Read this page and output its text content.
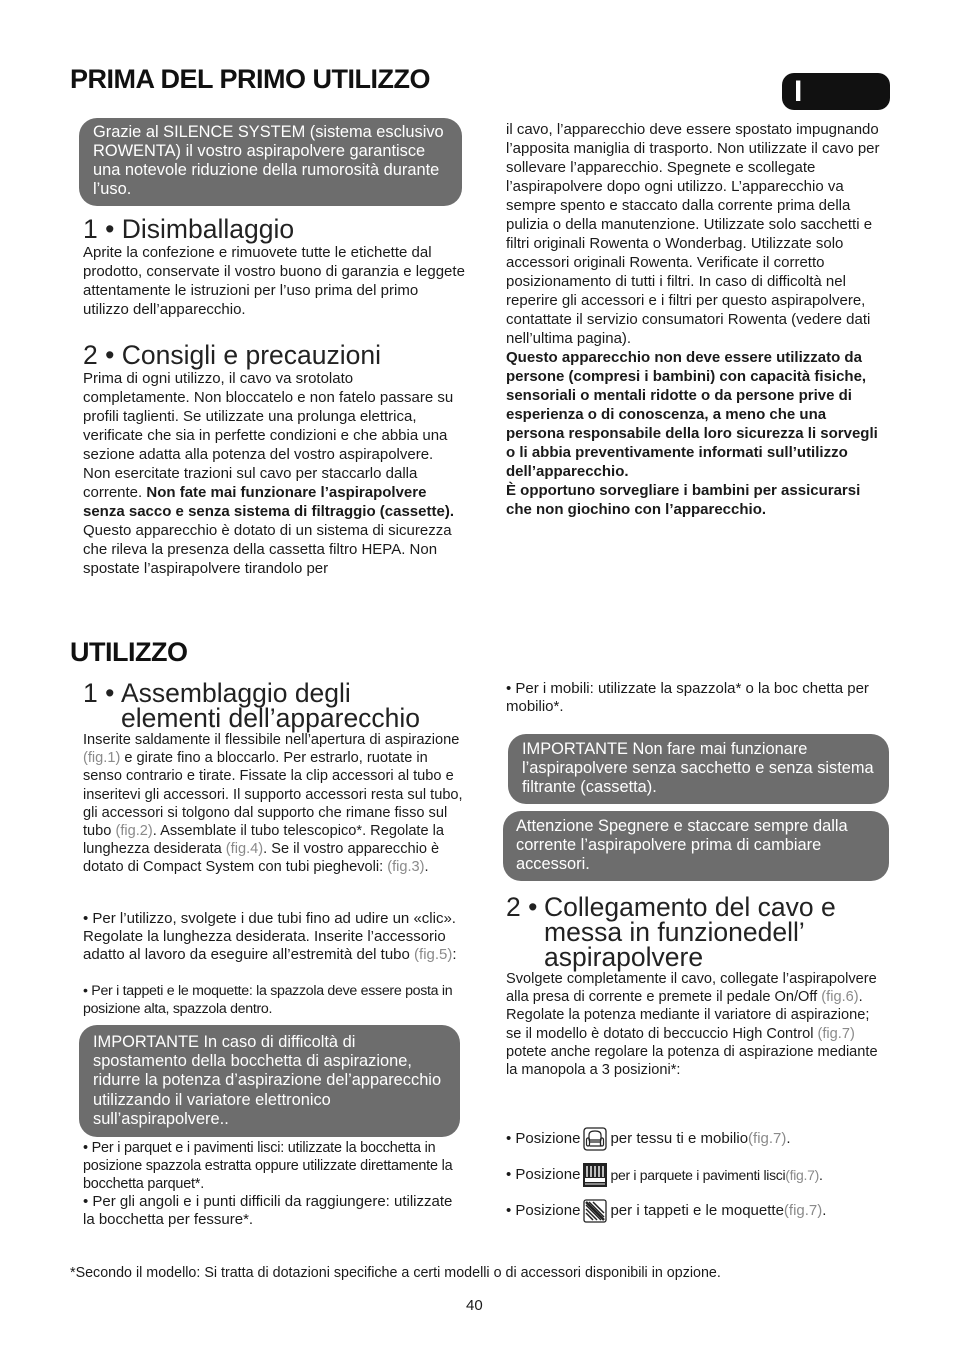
PRIMA DEL PRIMO UTILIZZO	I
Grazie al SILENCE SYSTEM (sistema esclusivo ROWENTA) il vostro aspirapolvere garantisce una notevole riduzione della rumorosità durante l’uso.
1 • Disimballaggio
Aprite la confezione e rimuovete tutte le etichette dal prodotto, conservate il vostro buono di garanzia e leggete attentamente le istruzioni per l’uso prima del primo utilizzo dell’apparecchio.
2 • Consigli e precauzioni
Prima di ogni utilizzo, il cavo va srotolato completamente. Non bloccatelo e non fatelo passare su profili taglienti. Se utilizzate una prolunga elettrica, verificate che sia in perfette condizioni e che abbia una sezione adatta alla potenza del vostro aspirapolvere. Non esercitate trazioni sul cavo per staccarlo dalla corrente. Non fate mai funzionare l’aspirapolvere senza sacco e senza sistema di filtraggio (cassette). Questo apparecchio è dotato di un sistema di sicurezza che rileva la presenza della cassetta filtro HEPA. Non spostate l’aspirapolvere tirandolo per
il cavo, l’apparecchio deve essere spostato impugnando l’apposita maniglia di trasporto. Non utilizzate il cavo per sollevare l’apparecchio. Spegnete e scollegate l’aspirapolvere dopo ogni utilizzo. L’apparecchio va sempre spento e staccato dalla corrente prima della pulizia o della manutenzione. Utilizzate solo sacchetti e filtri originali Rowenta o Wonderbag. Utilizzate solo accessori originali Rowenta. Verificate il corretto posizionamento di tutti i filtri. In caso di difficoltà nel reperire gli accessori e i filtri per questo aspirapolvere, contattate il servizio consumatori Rowenta (vedere dati nell’ultima pagina).
Questo apparecchio non deve essere utilizzato da persone (compresi i bambini) con capacità fisiche, sensoriali o mentali ridotte o da persone prive di esperienza o di conoscenza, a meno che una persona responsabile della loro sicurezza li sorvegli o li abbia preventivamente informati sull’utilizzo dell’apparecchio.
È opportuno sorvegliare i bambini per assicurarsi che non giochino con l’apparecchio.
UTILIZZO
1 • Assemblaggio degli
elementi dell’apparecchio
Inserite saldamente il flessibile nell’apertura di aspirazione (fig.1) e girate fino a bloccarlo. Per estrarlo, ruotate in senso contrario e tirate. Fissate la clip accessori al tubo e inseritevi gli accessori. Il supporto accessori resta sul tubo, gli accessori si tolgono dal supporto che rimane fisso sul tubo (fig.2). Assemblate il tubo telescopico*. Regolate la lunghezza desiderata (fig.4). Se il vostro apparecchio è dotato di Compact System con tubi pieghevoli: (fig.3).
• Per l’utilizzo, svolgete i due tubi fino ad udire un «clic». Regolate la lunghezza desiderata. Inserite l’accessorio adatto al lavoro da eseguire all’estremità del tubo (fig.5):
• Per i tappeti e le moquette: la spazzola deve essere posta in posizione alta, spazzola dentro.
IMPORTANTE In caso di difficoltà di spostamento della bocchetta di aspirazione, ridurre la potenza d’aspirazione del’apparecchio utilizzando il variatore elettronico sull’aspirapolvere..
• Per i parquet e i pavimenti lisci: utilizzate la bocchetta in posizione spazzola estratta oppure utilizzate direttamente la bocchetta parquet*.
• Per gli angoli e i punti difficili da raggiungere: utilizzate la bocchetta per fessure*.
• Per i mobili: utilizzate la spazzola* o la boc chetta per mobilio*.
IMPORTANTE Non fare mai funzionare l’aspirapolvere senza sacchetto e senza sistema filtrante (cassetta).
Attenzione Spegnere e staccare sempre dalla corrente l’aspirapolvere prima di cambiare accessori.
2 • Collegamento del cavo e
messa in funzionedell’
aspirapolvere
Svolgete completamente il cavo, collegate l’aspirapolvere alla presa di corrente e premete il pedale On/Off (fig.6). Regolate la potenza mediante il variatore di aspirazione; se il modello è dotato di beccuccio High Control (fig.7) potete anche regolare la potenza di aspirazione mediante la manopola a 3 posizioni*:
• Posizione per tessu ti e mobilio (fig.7) .
• Posizione per i parquete i pavimenti lisci (fig.7) .
• Posizione per i tappeti e le moquette (fig.7) .
*Secondo il modello: Si tratta di dotazioni specifiche a certi modelli o di accessori disponibili in opzione.
40
